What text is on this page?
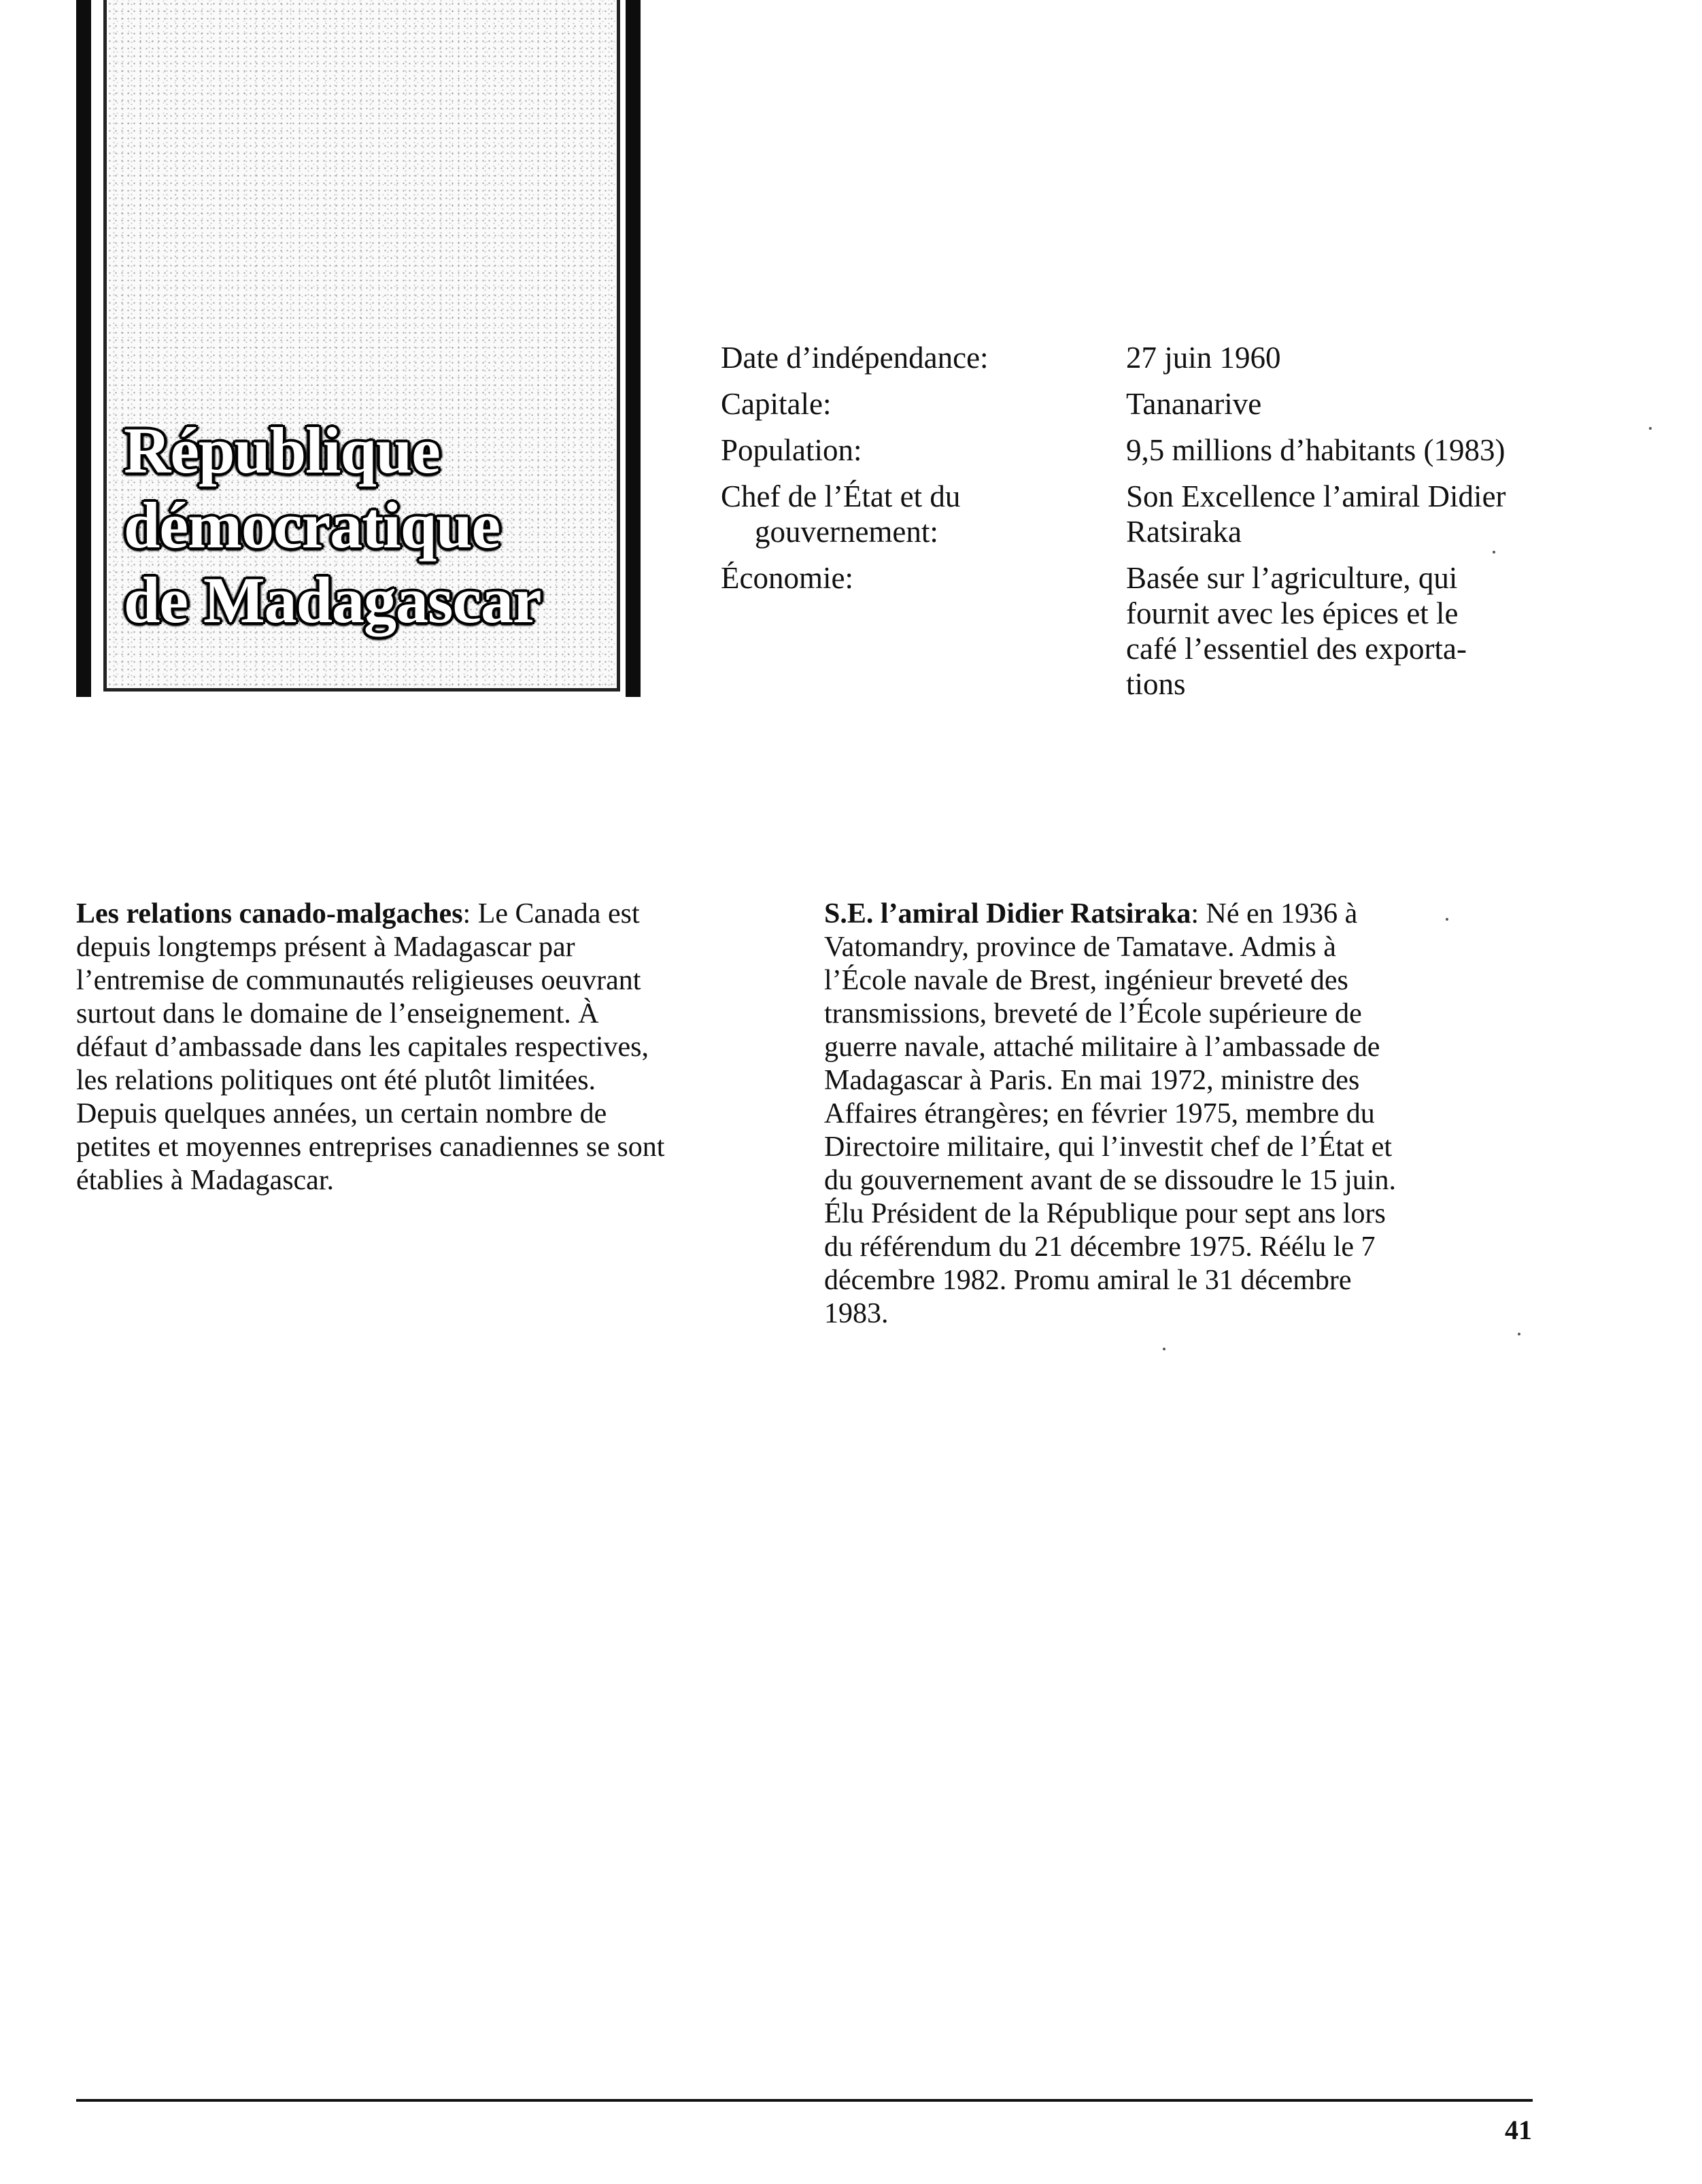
République
démocratique
de Madagascar
Date d’indépendance:	27 juin 1960
Capitale:	Tananarive
Population:	9,5 millions d’habitants (1983)
Chef de l’État et du
gouvernement:
Son Excellence l’amiral Didier
Ratsiraka
Économie:	Basée sur l’agriculture, qui
fournit avec les épices et le
café l’essentiel des exporta-
tions

Les relations canado-malgaches: Le Canada est
depuis longtemps présent à Madagascar par
l’entremise de communautés religieuses oeuvrant
surtout dans le domaine de l’enseignement. À
défaut d’ambassade dans les capitales respectives,
les relations politiques ont été plutôt limitées.
Depuis quelques années, un certain nombre de
petites et moyennes entreprises canadiennes se sont
établies à Madagascar.

S.E. l’amiral Didier Ratsiraka: Né en 1936 à
Vatomandry, province de Tamatave. Admis à
l’École navale de Brest, ingénieur breveté des
transmissions, breveté de l’École supérieure de
guerre navale, attaché militaire à l’ambassade de
Madagascar à Paris. En mai 1972, ministre des
Affaires étrangères; en février 1975, membre du
Directoire militaire, qui l’investit chef de l’État et
du gouvernement avant de se dissoudre le 15 juin.
Élu Président de la République pour sept ans lors
du référendum du 21 décembre 1975. Réélu le 7
décembre 1982. Promu amiral le 31 décembre
1983.

41
